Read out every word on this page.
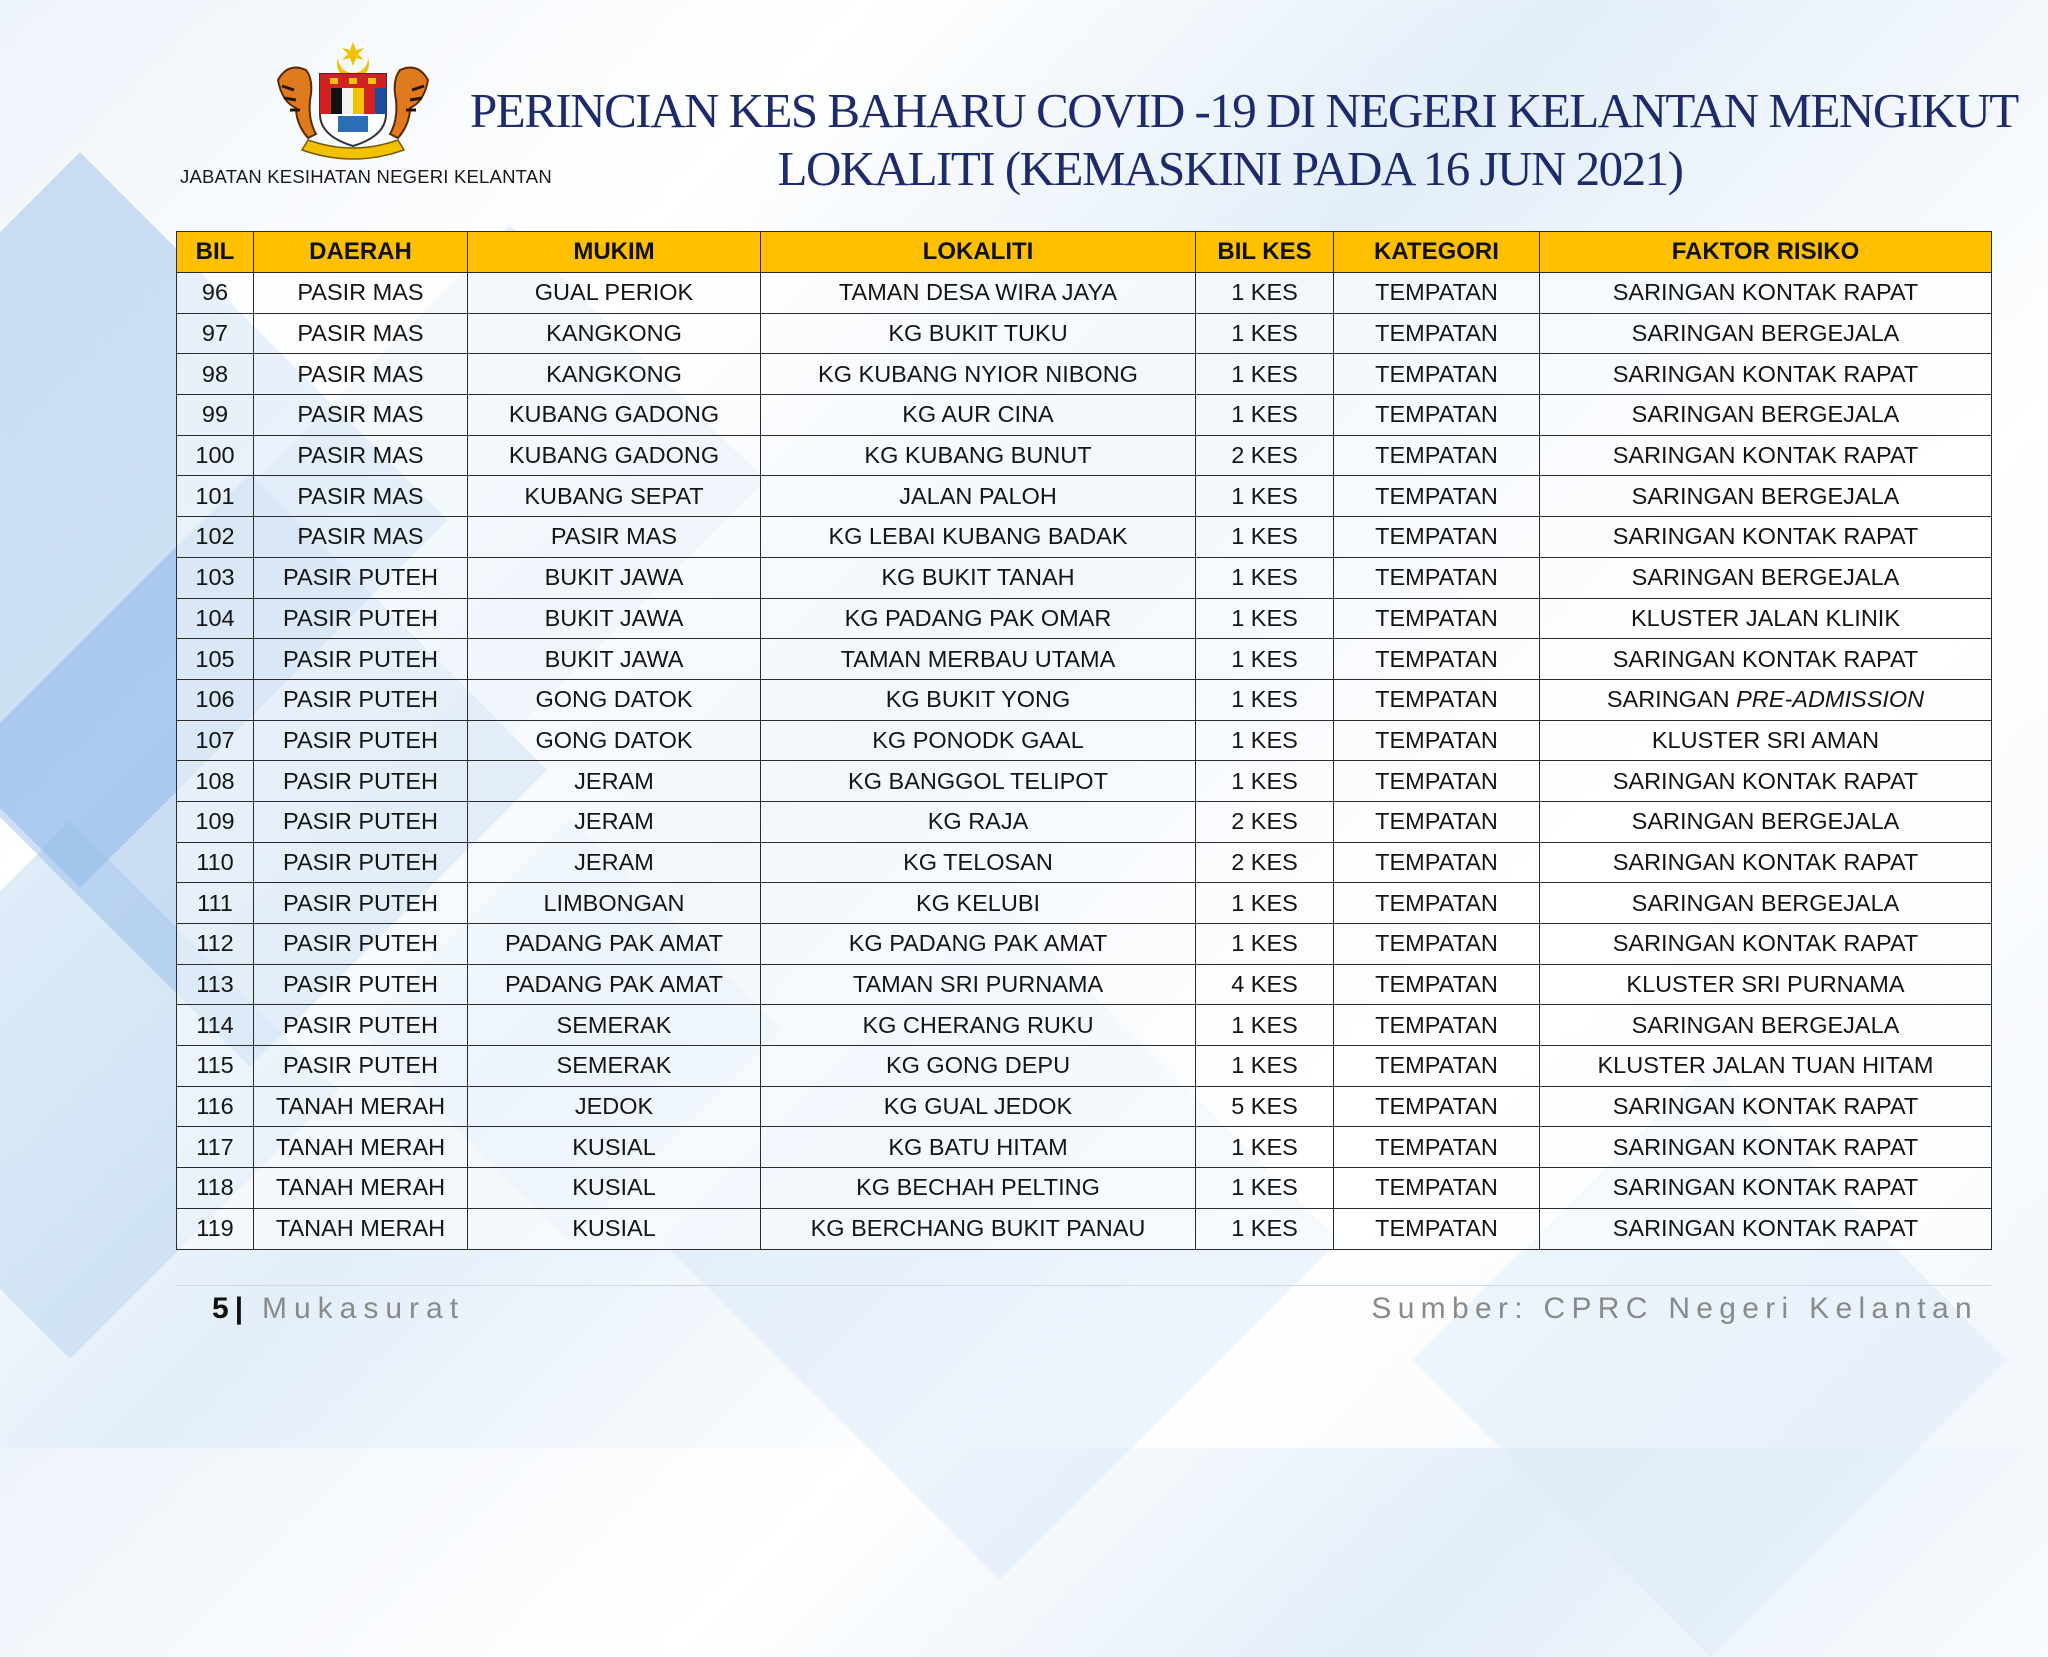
JABATAN KESIHATAN NEGERI KELANTAN
PERINCIAN KES BAHARU COVID -19 DI NEGERI KELANTAN MENGIKUT
LOKALITI (KEMASKINI PADA 16 JUN 2021)
BIL	DAERAH	MUKIM	LOKALITI	BIL KES	KATEGORI	FAKTOR RISIKO
96	PASIR MAS	GUAL PERIOK	TAMAN DESA WIRA JAYA	1 KES	TEMPATAN	SARINGAN KONTAK RAPAT
97	PASIR MAS	KANGKONG	KG BUKIT TUKU	1 KES	TEMPATAN	SARINGAN BERGEJALA
98	PASIR MAS	KANGKONG	KG KUBANG NYIOR NIBONG	1 KES	TEMPATAN	SARINGAN KONTAK RAPAT
99	PASIR MAS	KUBANG GADONG	KG AUR CINA	1 KES	TEMPATAN	SARINGAN BERGEJALA
100	PASIR MAS	KUBANG GADONG	KG KUBANG BUNUT	2 KES	TEMPATAN	SARINGAN KONTAK RAPAT
101	PASIR MAS	KUBANG SEPAT	JALAN PALOH	1 KES	TEMPATAN	SARINGAN BERGEJALA
102	PASIR MAS	PASIR MAS	KG LEBAI KUBANG BADAK	1 KES	TEMPATAN	SARINGAN KONTAK RAPAT
103	PASIR PUTEH	BUKIT JAWA	KG BUKIT TANAH	1 KES	TEMPATAN	SARINGAN BERGEJALA
104	PASIR PUTEH	BUKIT JAWA	KG PADANG PAK OMAR	1 KES	TEMPATAN	KLUSTER JALAN KLINIK
105	PASIR PUTEH	BUKIT JAWA	TAMAN MERBAU UTAMA	1 KES	TEMPATAN	SARINGAN KONTAK RAPAT
106	PASIR PUTEH	GONG DATOK	KG BUKIT YONG	1 KES	TEMPATAN	SARINGAN PRE-ADMISSION
107	PASIR PUTEH	GONG DATOK	KG PONODK GAAL	1 KES	TEMPATAN	KLUSTER SRI AMAN
108	PASIR PUTEH	JERAM	KG BANGGOL TELIPOT	1 KES	TEMPATAN	SARINGAN KONTAK RAPAT
109	PASIR PUTEH	JERAM	KG RAJA	2 KES	TEMPATAN	SARINGAN BERGEJALA
110	PASIR PUTEH	JERAM	KG TELOSAN	2 KES	TEMPATAN	SARINGAN KONTAK RAPAT
111	PASIR PUTEH	LIMBONGAN	KG KELUBI	1 KES	TEMPATAN	SARINGAN BERGEJALA
112	PASIR PUTEH	PADANG PAK AMAT	KG PADANG PAK AMAT	1 KES	TEMPATAN	SARINGAN KONTAK RAPAT
113	PASIR PUTEH	PADANG PAK AMAT	TAMAN SRI PURNAMA	4 KES	TEMPATAN	KLUSTER SRI PURNAMA
114	PASIR PUTEH	SEMERAK	KG CHERANG RUKU	1 KES	TEMPATAN	SARINGAN BERGEJALA
115	PASIR PUTEH	SEMERAK	KG GONG DEPU	1 KES	TEMPATAN	KLUSTER JALAN TUAN HITAM
116	TANAH MERAH	JEDOK	KG GUAL JEDOK	5 KES	TEMPATAN	SARINGAN KONTAK RAPAT
117	TANAH MERAH	KUSIAL	KG BATU HITAM	1 KES	TEMPATAN	SARINGAN KONTAK RAPAT
118	TANAH MERAH	KUSIAL	KG BECHAH PELTING	1 KES	TEMPATAN	SARINGAN KONTAK RAPAT
119	TANAH MERAH	KUSIAL	KG BERCHANG BUKIT PANAU	1 KES	TEMPATAN	SARINGAN KONTAK RAPAT
5 | Mukasurat	Sumber: CPRC Negeri Kelantan
